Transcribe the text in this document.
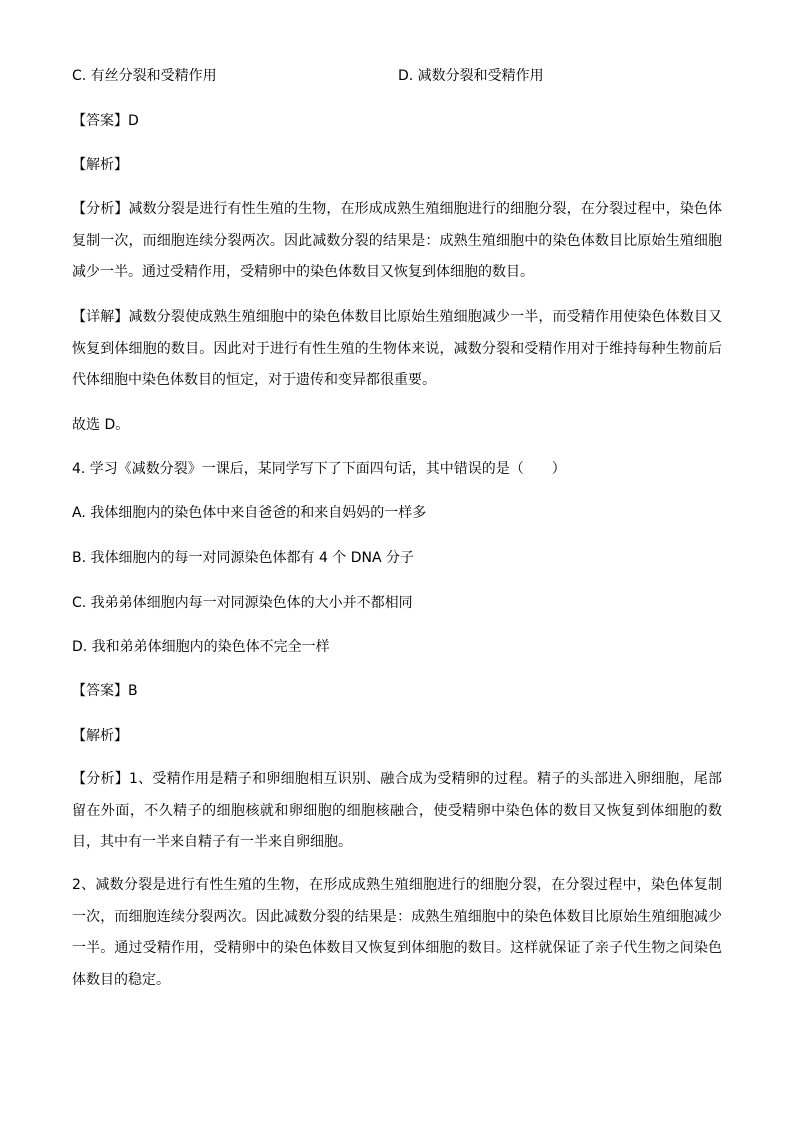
C. 有丝分裂和受精作用	D. 减数分裂和受精作用
【答案】D
【解析】
【分析】减数分裂是进行有性生殖的生物，在形成成熟生殖细胞进行的细胞分裂，在分裂过程中，染色体复制一次，而细胞连续分裂两次。因此减数分裂的结果是：成熟生殖细胞中的染色体数目比原始生殖细胞减少一半。通过受精作用，受精卵中的染色体数目又恢复到体细胞的数目。
【详解】减数分裂使成熟生殖细胞中的染色体数目比原始生殖细胞减少一半，而受精作用使染色体数目又恢复到体细胞的数目。因此对于进行有性生殖的生物体来说，减数分裂和受精作用对于维持每种生物前后代体细胞中染色体数目的恒定，对于遗传和变异都很重要。
故选 D。
4. 学习《减数分裂》一课后，某同学写下了下面四句话，其中错误的是（　　）
A. 我体细胞内的染色体中来自爸爸的和来自妈妈的一样多
B. 我体细胞内的每一对同源染色体都有 4 个 DNA 分子
C. 我弟弟体细胞内每一对同源染色体的大小并不都相同
D. 我和弟弟体细胞内的染色体不完全一样
【答案】B
【解析】
【分析】1、受精作用是精子和卵细胞相互识别、融合成为受精卵的过程。精子的头部进入卵细胞，尾部留在外面，不久精子的细胞核就和卵细胞的细胞核融合，使受精卵中染色体的数目又恢复到体细胞的数目，其中有一半来自精子有一半来自卵细胞。
2、减数分裂是进行有性生殖的生物，在形成成熟生殖细胞进行的细胞分裂，在分裂过程中，染色体复制一次，而细胞连续分裂两次。因此减数分裂的结果是：成熟生殖细胞中的染色体数目比原始生殖细胞减少一半。通过受精作用，受精卵中的染色体数目又恢复到体细胞的数目。这样就保证了亲子代生物之间染色体数目的稳定。
